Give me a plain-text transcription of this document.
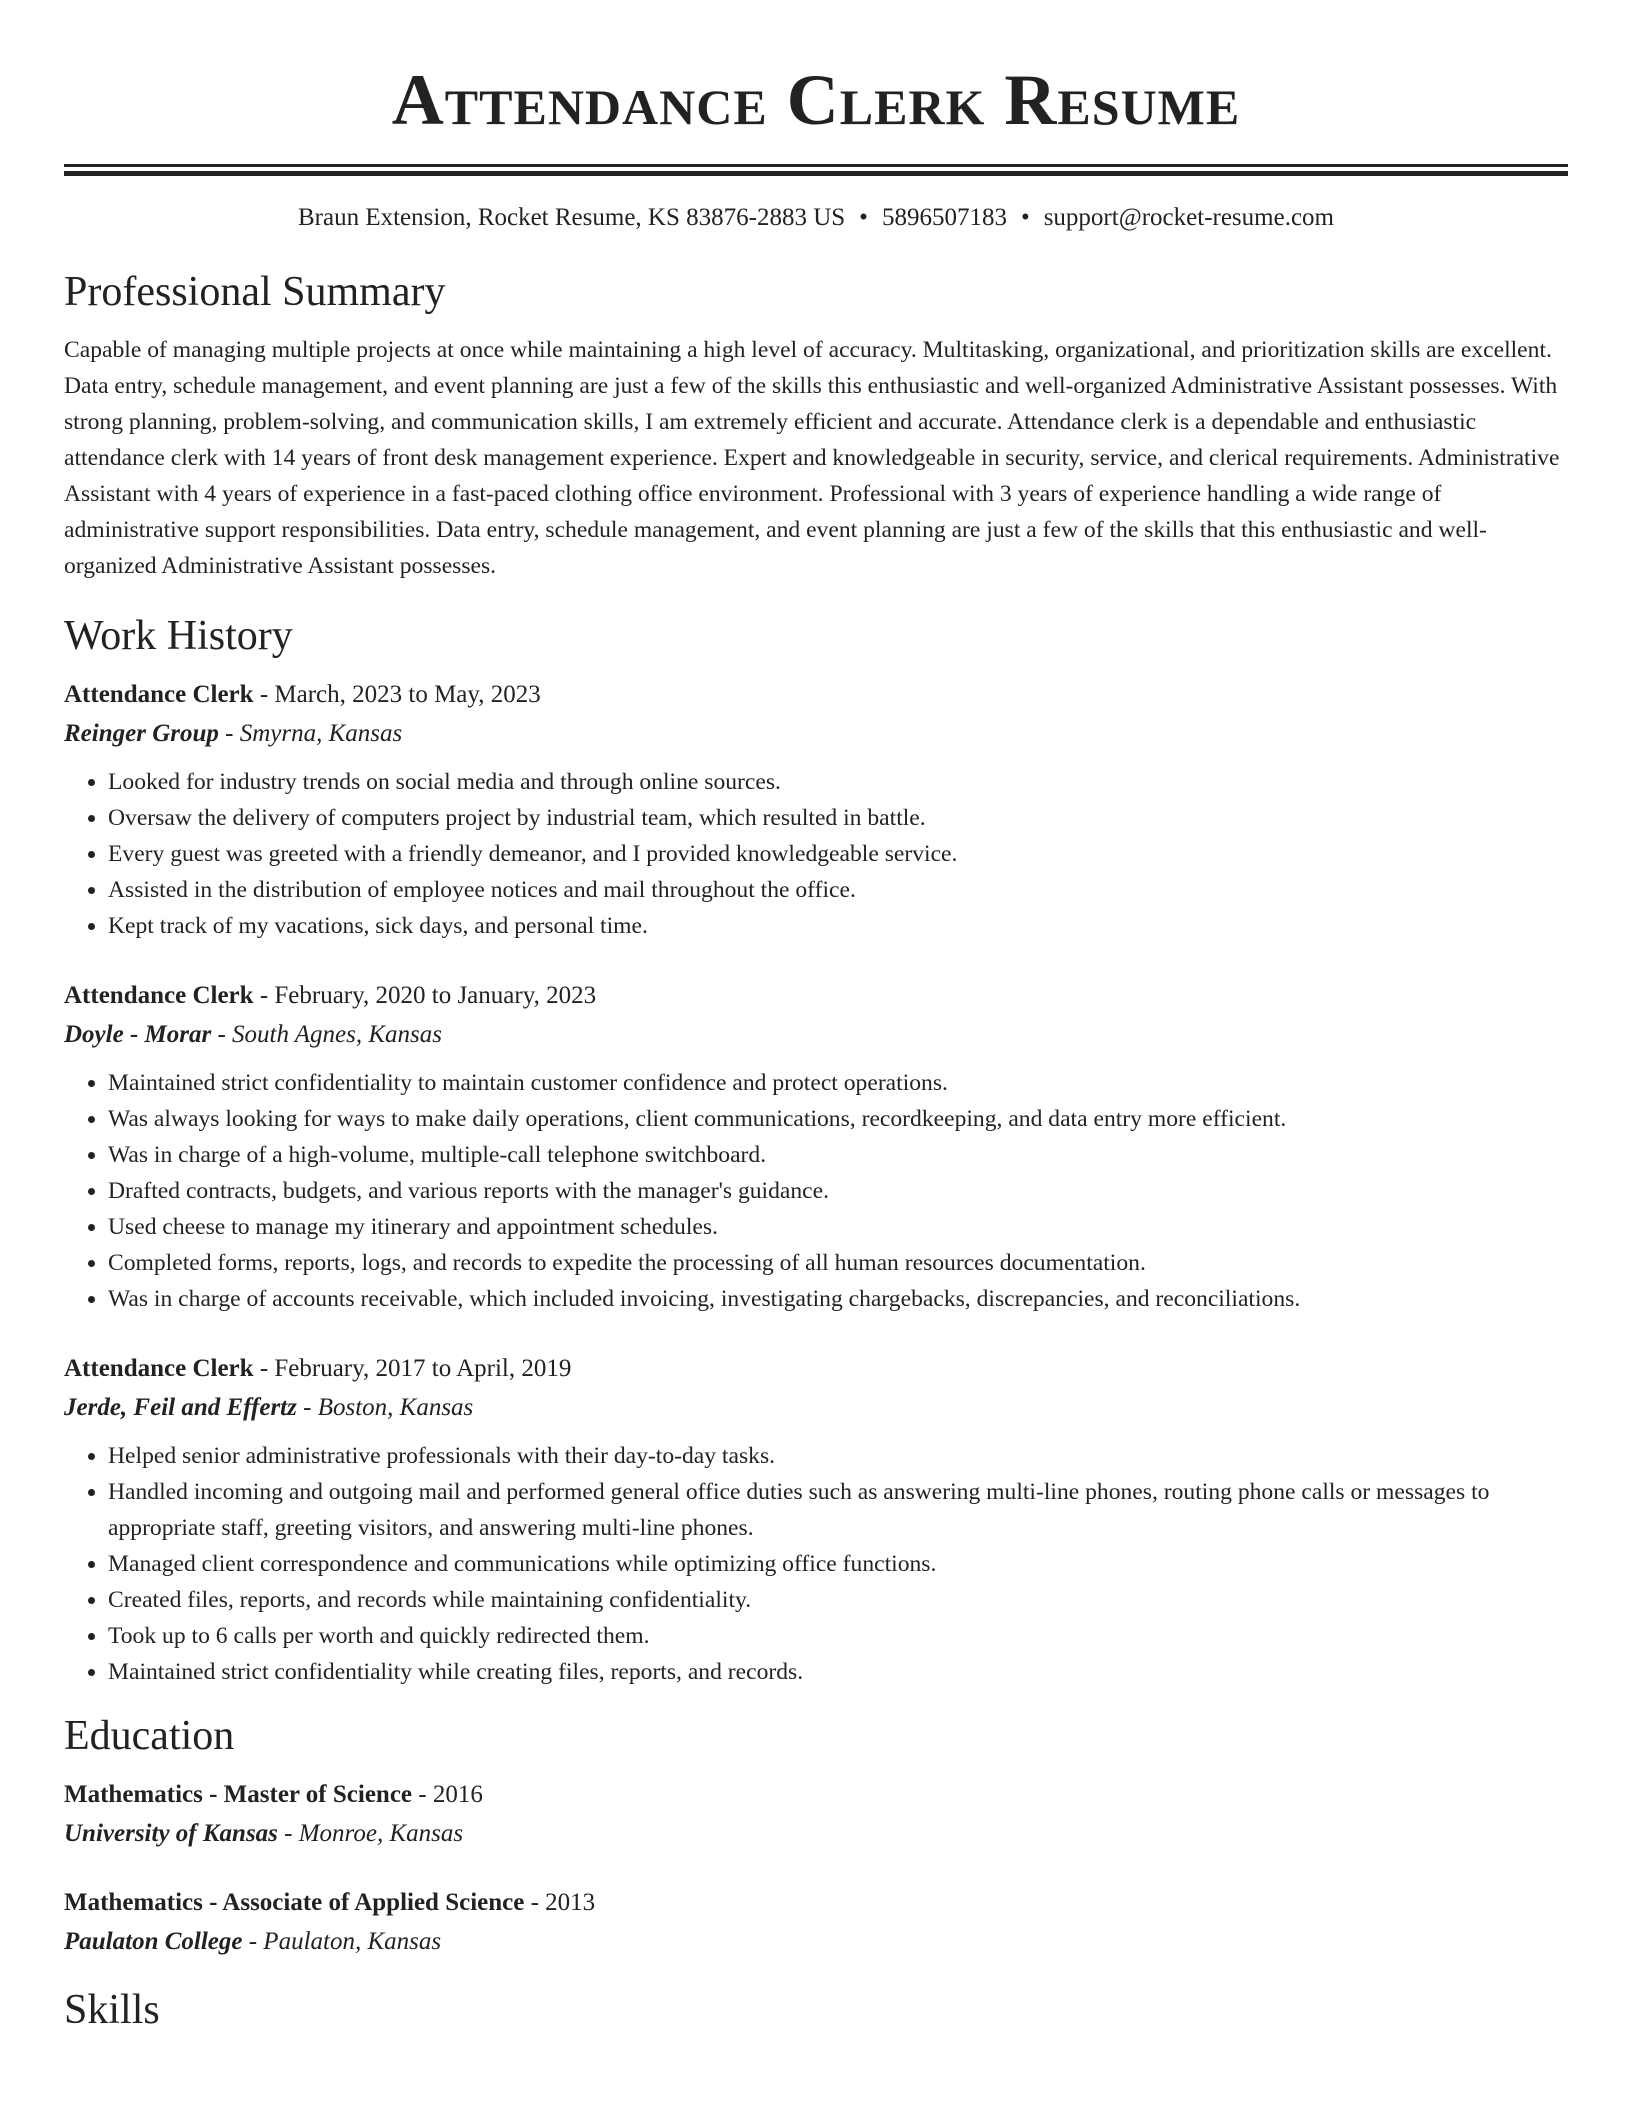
Attendance Clerk Resume
Braun Extension, Rocket Resume, KS 83876-2883 US • 5896507183 • support@rocket-resume.com
Professional Summary

Capable of managing multiple projects at once while maintaining a high level of accuracy. Multitasking, organizational, and prioritization skills are excellent. Data entry, schedule management, and event planning are just a few of the skills this enthusiastic and well-organized Administrative Assistant possesses. With strong planning, problem-solving, and communication skills, I am extremely efficient and accurate. Attendance clerk is a dependable and enthusiastic attendance clerk with 14 years of front desk management experience. Expert and knowledgeable in security, service, and clerical requirements. Administrative Assistant with 4 years of experience in a fast-paced clothing office environment. Professional with 3 years of experience handling a wide range of administrative support responsibilities. Data entry, schedule management, and event planning are just a few of the skills that this enthusiastic and well-organized Administrative Assistant possesses.

Work History
Attendance Clerk - March, 2023 to May, 2023
Reinger Group - Smyrna, Kansas
• Looked for industry trends on social media and through online sources.
• Oversaw the delivery of computers project by industrial team, which resulted in battle.
• Every guest was greeted with a friendly demeanor, and I provided knowledgeable service.
• Assisted in the distribution of employee notices and mail throughout the office.
• Kept track of my vacations, sick days, and personal time.
Attendance Clerk - February, 2020 to January, 2023
Doyle - Morar - South Agnes, Kansas
• Maintained strict confidentiality to maintain customer confidence and protect operations.
• Was always looking for ways to make daily operations, client communications, recordkeeping, and data entry more efficient.
• Was in charge of a high-volume, multiple-call telephone switchboard.
• Drafted contracts, budgets, and various reports with the manager's guidance.
• Used cheese to manage my itinerary and appointment schedules.
• Completed forms, reports, logs, and records to expedite the processing of all human resources documentation.
• Was in charge of accounts receivable, which included invoicing, investigating chargebacks, discrepancies, and reconciliations.
Attendance Clerk - February, 2017 to April, 2019
Jerde, Feil and Effertz - Boston, Kansas
• Helped senior administrative professionals with their day-to-day tasks.
• Handled incoming and outgoing mail and performed general office duties such as answering multi-line phones, routing phone calls or messages to appropriate staff, greeting visitors, and answering multi-line phones.
• Managed client correspondence and communications while optimizing office functions.
• Created files, reports, and records while maintaining confidentiality.
• Took up to 6 calls per worth and quickly redirected them.
• Maintained strict confidentiality while creating files, reports, and records.
Education
Mathematics - Master of Science - 2016
University of Kansas - Monroe, Kansas
Mathematics - Associate of Applied Science - 2013
Paulaton College - Paulaton, Kansas
Skills
